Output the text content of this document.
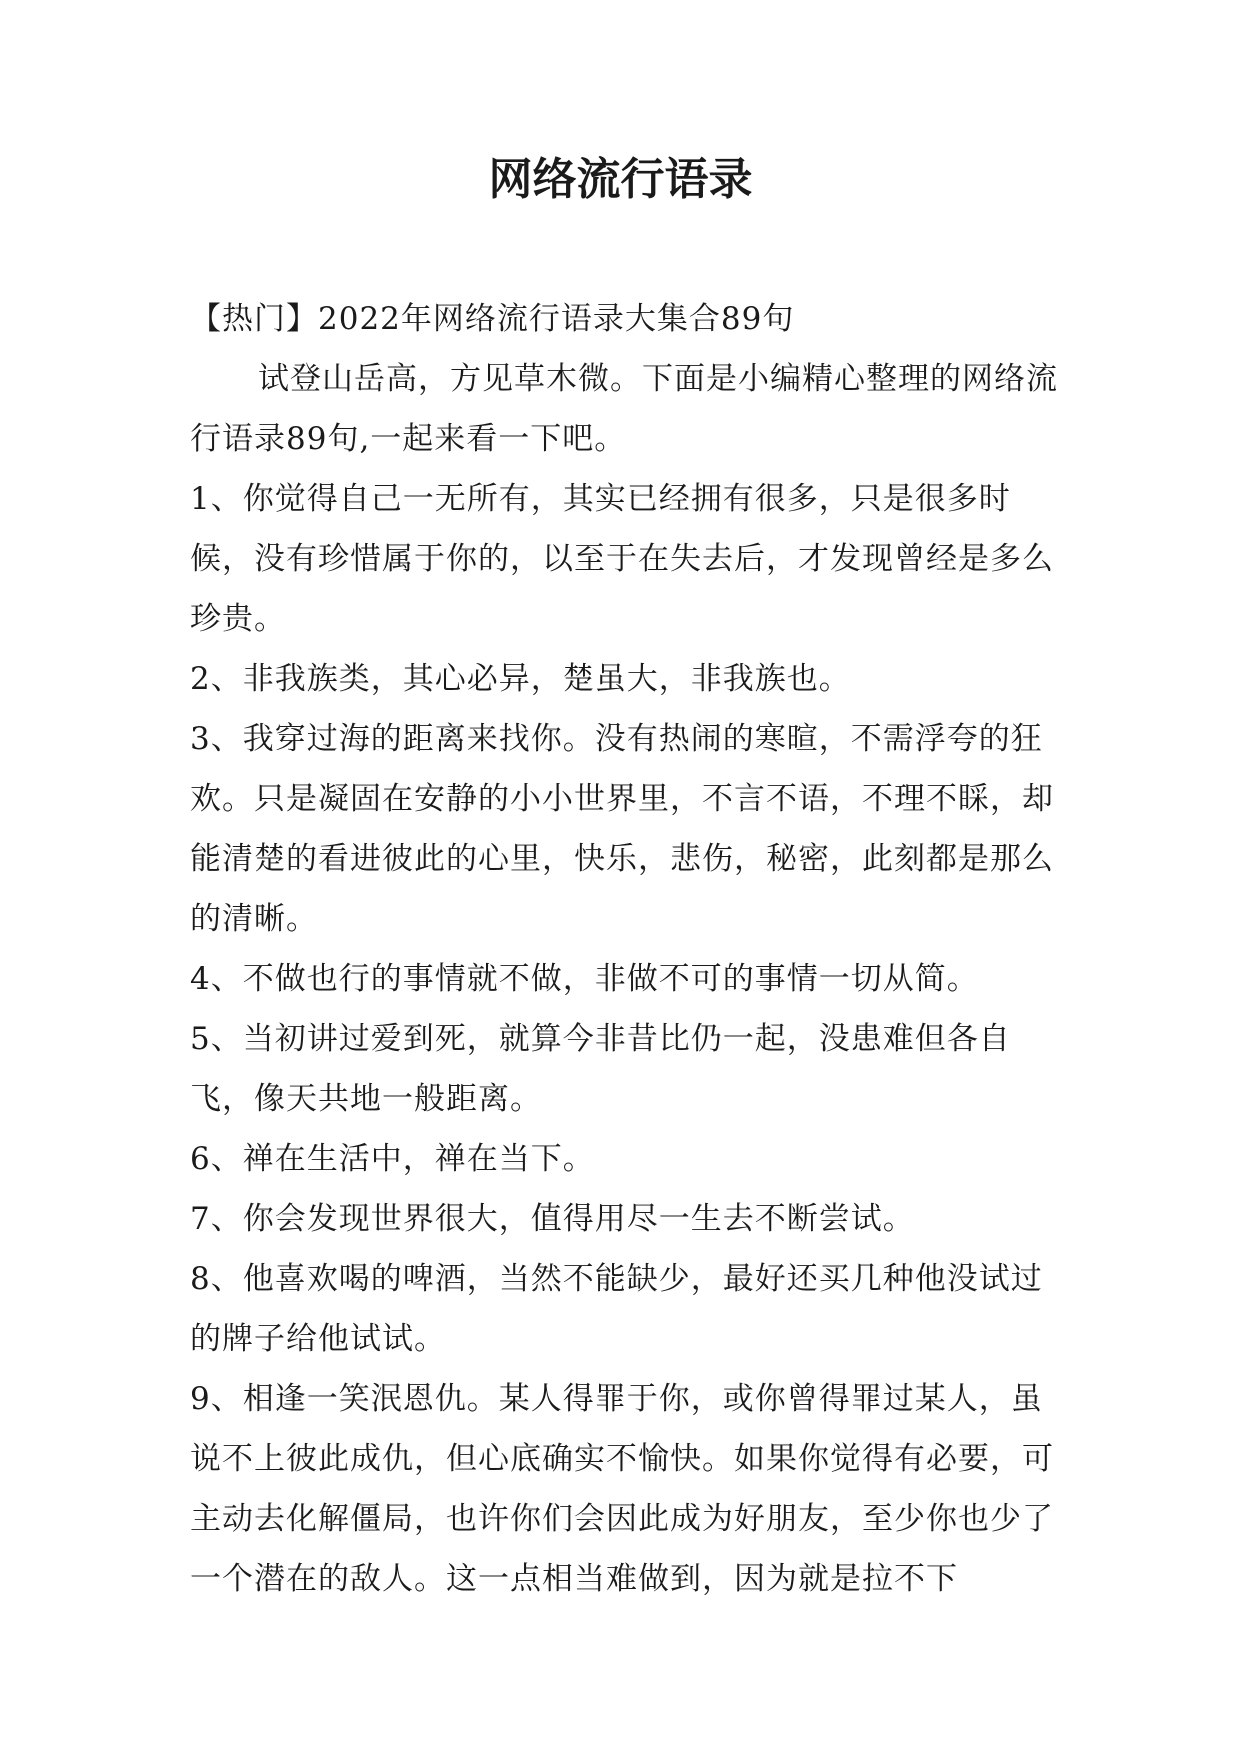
网络流行语录

【热门】2022年网络流行语录大集合89句

试登山岳高，方见草木微。下面是小编精心整理的网络流行语录89句,一起来看一下吧。

1、你觉得自己一无所有，其实已经拥有很多，只是很多时候，没有珍惜属于你的，以至于在失去后，才发现曾经是多么珍贵。

2、非我族类，其心必异，楚虽大，非我族也。

3、我穿过海的距离来找你。没有热闹的寒暄，不需浮夸的狂欢。只是凝固在安静的小小世界里，不言不语，不理不睬，却能清楚的看进彼此的心里，快乐，悲伤，秘密，此刻都是那么的清晰。

4、不做也行的事情就不做，非做不可的事情一切从简。

5、当初讲过爱到死，就算今非昔比仍一起，没患难但各自飞，像天共地一般距离。

6、禅在生活中，禅在当下。

7、你会发现世界很大，值得用尽一生去不断尝试。

8、他喜欢喝的啤酒，当然不能缺少，最好还买几种他没试过的牌子给他试试。

9、相逢一笑泯恩仇。某人得罪于你，或你曾得罪过某人，虽说不上彼此成仇，但心底确实不愉快。如果你觉得有必要，可主动去化解僵局，也许你们会因此成为好朋友，至少你也少了一个潜在的敌人。这一点相当难做到，因为就是拉不下
